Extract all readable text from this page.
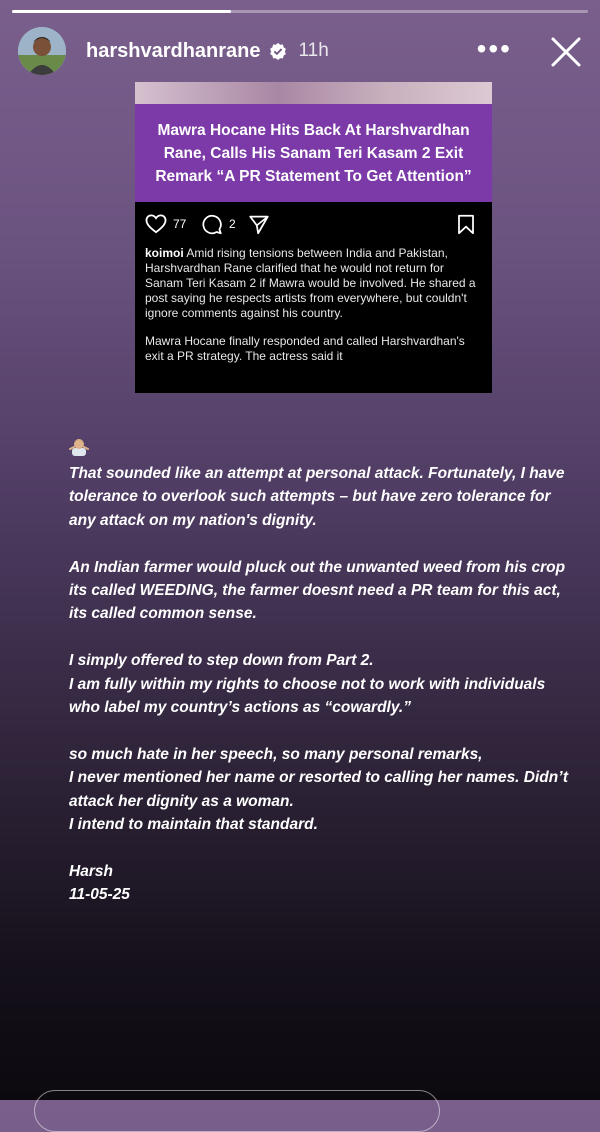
harshvardhanrane 11h	•••
Mawra Hocane Hits Back At Harshvardhan Rane, Calls His Sanam Teri Kasam 2 Exit Remark “A PR Statement To Get Attention”
77	2

koimoi Amid rising tensions between India and Pakistan, Harshvardhan Rane clarified that he would not return for Sanam Teri Kasam 2 if Mawra would be involved. He shared a post saying he respects artists from everywhere, but couldn't ignore comments against his country.

Mawra Hocane finally responded and called Harshvardhan's exit a PR strategy. The actress said it

That sounded like an attempt at personal attack. Fortunately, I have tolerance to overlook such attempts – but have zero tolerance for any attack on my nation's dignity.

An Indian farmer would pluck out the unwanted weed from his crop its called WEEDING, the farmer doesnt need a PR team for this act, its called common sense.

I simply offered to step down from Part 2.
I am fully within my rights to choose not to work with individuals who label my country’s actions as “cowardly.”

so much hate in her speech, so many personal remarks,
I never mentioned her name or resorted to calling her names. Didn’t attack her dignity as a woman.
I intend to maintain that standard.

Harsh
11-05-25
